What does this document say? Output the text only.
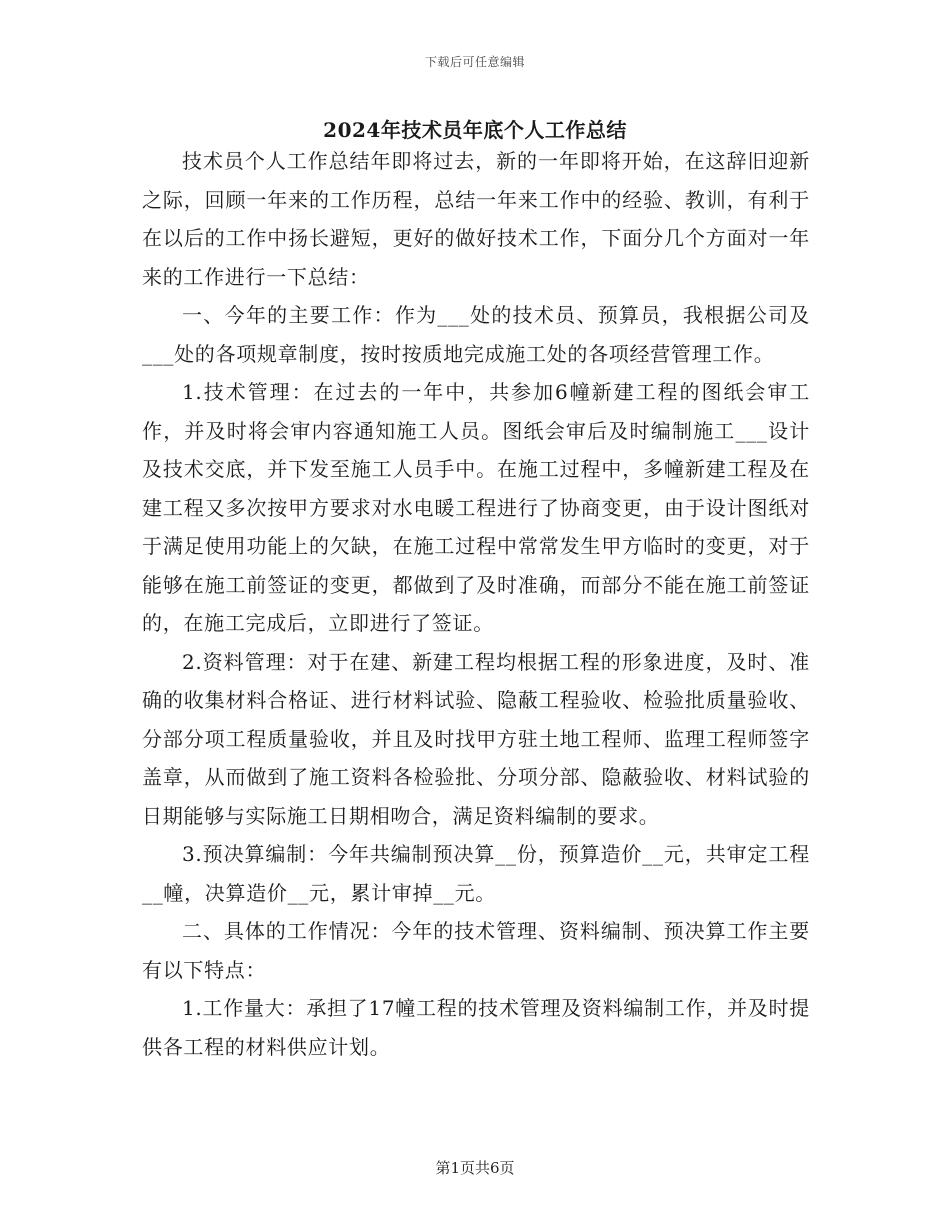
下载后可任意编辑
2024年技术员年底个人工作总结

技术员个人工作总结年即将过去，新的一年即将开始，在这辞旧迎新之际，回顾一年来的工作历程，总结一年来工作中的经验、教训，有利于在以后的工作中扬长避短，更好的做好技术工作，下面分几个方面对一年来的工作进行一下总结：

一、今年的主要工作：作为___处的技术员、预算员，我根据公司及___处的各项规章制度，按时按质地完成施工处的各项经营管理工作。

1.技术管理：在过去的一年中，共参加6幢新建工程的图纸会审工作，并及时将会审内容通知施工人员。图纸会审后及时编制施工___设计及技术交底，并下发至施工人员手中。在施工过程中，多幢新建工程及在建工程又多次按甲方要求对水电暖工程进行了协商变更，由于设计图纸对于满足使用功能上的欠缺，在施工过程中常常发生甲方临时的变更，对于能够在施工前签证的变更，都做到了及时准确，而部分不能在施工前签证的，在施工完成后，立即进行了签证。

2.资料管理：对于在建、新建工程均根据工程的形象进度，及时、准确的收集材料合格证、进行材料试验、隐蔽工程验收、检验批质量验收、分部分项工程质量验收，并且及时找甲方驻土地工程师、监理工程师签字盖章，从而做到了施工资料各检验批、分项分部、隐蔽验收、材料试验的日期能够与实际施工日期相吻合，满足资料编制的要求。

3.预决算编制：今年共编制预决算__份，预算造价__元，共审定工程__幢，决算造价__元，累计审掉__元。

二、具体的工作情况：今年的技术管理、资料编制、预决算工作主要有以下特点：

1.工作量大：承担了17幢工程的技术管理及资料编制工作，并及时提供各工程的材料供应计划。

第1页共6页
